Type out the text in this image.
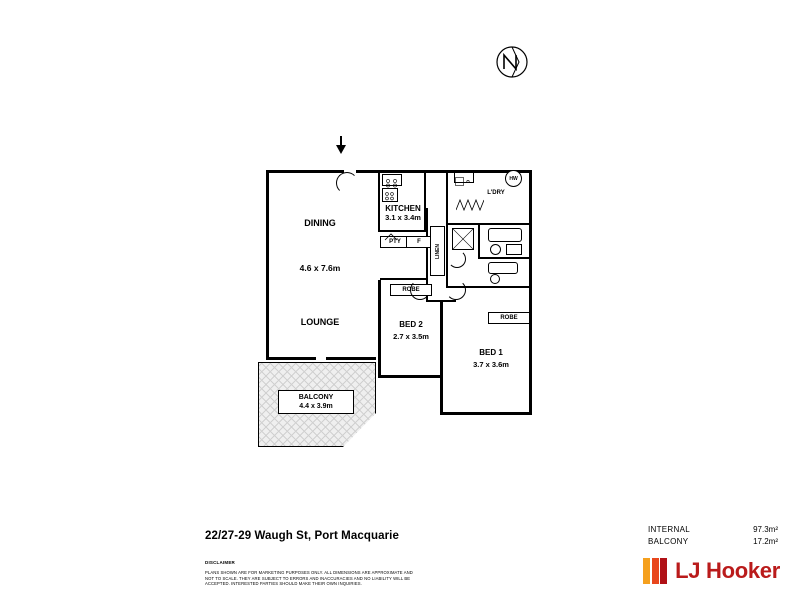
KITCHEN
3.1 x 3.4m
HW
L'DRY
PTY	F
LINEN
DINING
4.6 x 7.6m
LOUNGE
ROBE
BED 2
2.7 x 3.5m
ROBE
BED 1
3.7 x 3.6m
BALCONY
4.4 x 3.9m
22/27-29 Waugh St, Port Macquarie
INTERNAL	97.3m²
BALCONY	17.2m²
DISCLAIMER
PLANS SHOWN ARE FOR MARKETING PURPOSES ONLY. ALL DIMENSIONS ARE APPROXIMATE AND NOT TO SCALE. THEY ARE SUBJECT TO ERRORS AND INACCURACIES AND NO LIABILITY WILL BE ACCEPTED. INTERESTED PARTIES SHOULD MAKE THEIR OWN INQUIRIES.
LJ Hooker
